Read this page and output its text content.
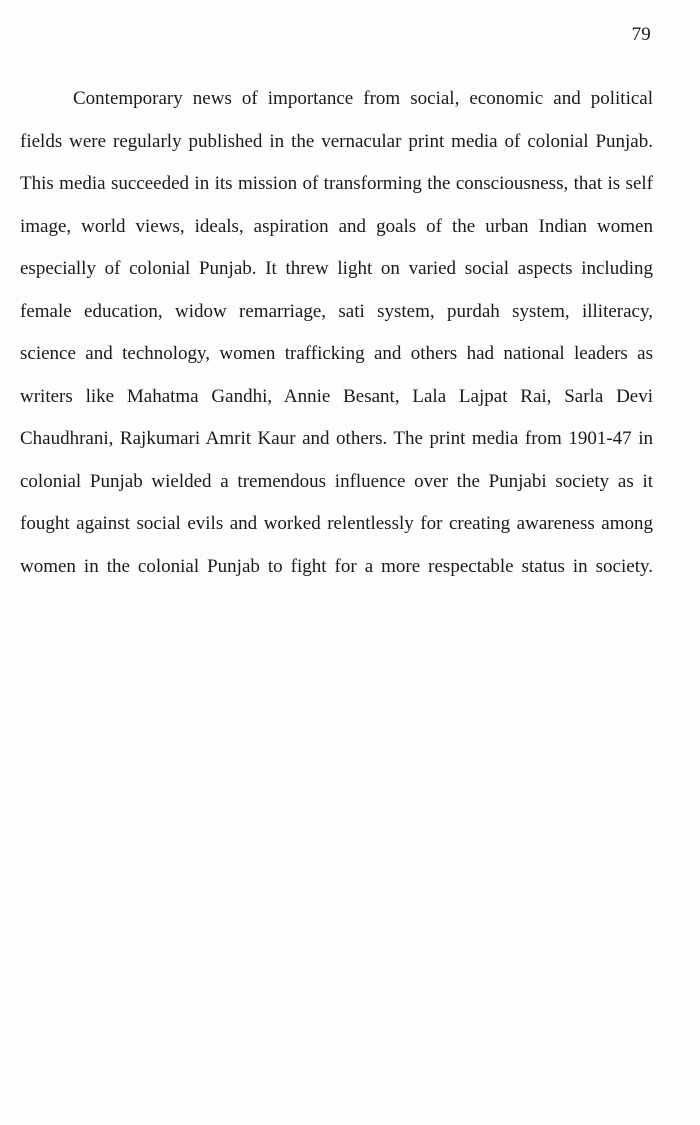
79

Contemporary news of importance from social, economic and political fields were regularly published in the vernacular print media of colonial Punjab. This media succeeded in its mission of transforming the consciousness, that is self image, world views, ideals, aspiration and goals of the urban Indian women especially of colonial Punjab. It threw light on varied social aspects including female education, widow remarriage, sati system, purdah system, illiteracy, science and technology, women trafficking and others had national leaders as writers like Mahatma Gandhi, Annie Besant, Lala Lajpat Rai, Sarla Devi Chaudhrani, Rajkumari Amrit Kaur and others. The print media from 1901-47 in colonial Punjab wielded a tremendous influence over the Punjabi society as it fought against social evils and worked relentlessly for creating awareness among women in the colonial Punjab to fight for a more respectable status in society.
